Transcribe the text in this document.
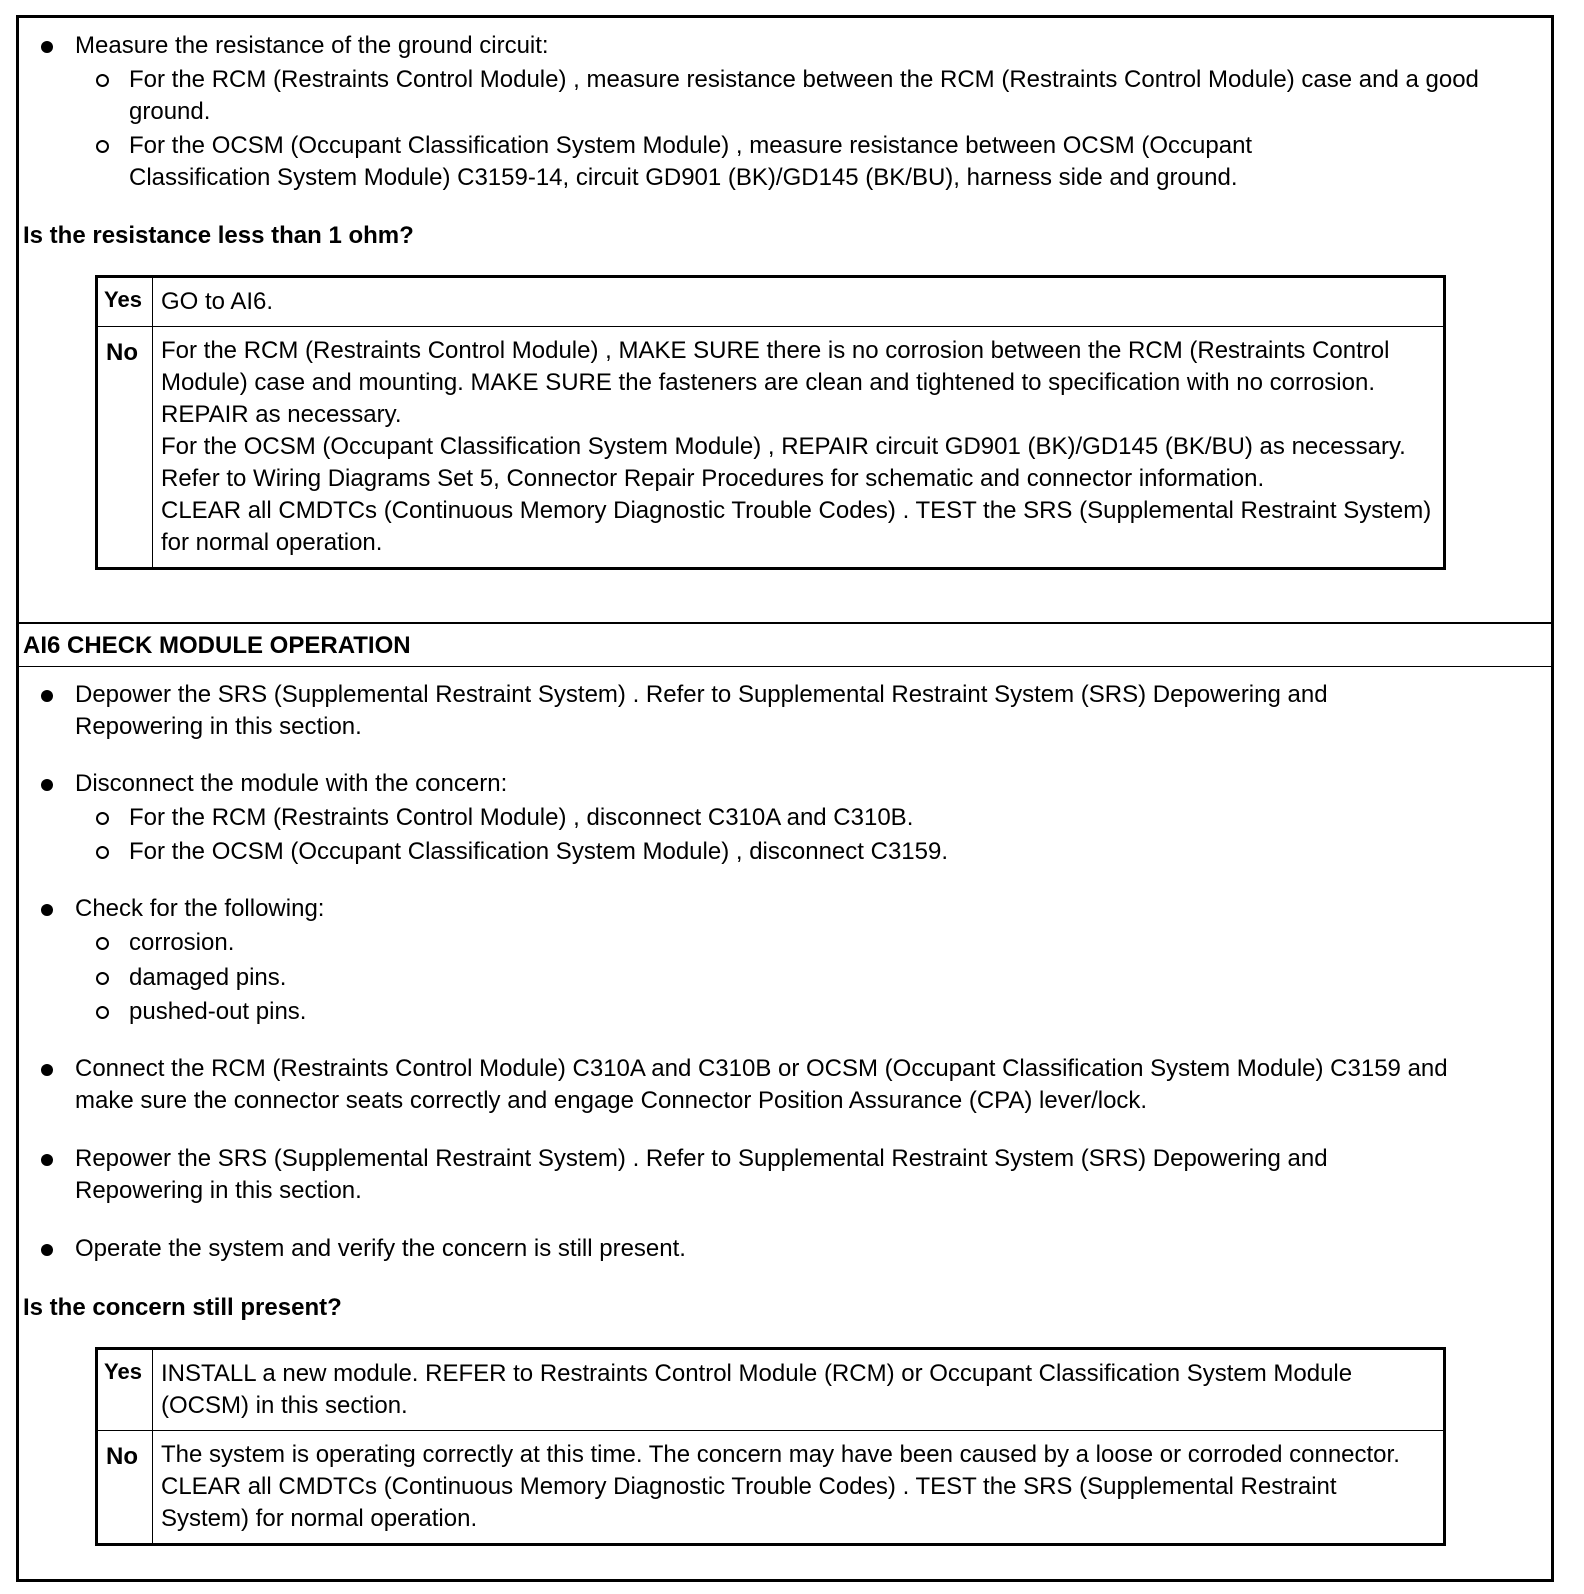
Measure the resistance of the ground circuit:
For the RCM (Restraints Control Module) , measure resistance between the RCM (Restraints Control Module) case and a good ground.
For the OCSM (Occupant Classification System Module) , measure resistance between OCSM (Occupant Classification System Module) C3159-14, circuit GD901 (BK)/GD145 (BK/BU), harness side and ground.
Is the resistance less than 1 ohm?
Yes	GO to AI6.
No	For the RCM (Restraints Control Module) , MAKE SURE there is no corrosion between the RCM (Restraints Control Module) case and mounting. MAKE SURE the fasteners are clean and tightened to specification with no corrosion. REPAIR as necessary.
For the OCSM (Occupant Classification System Module) , REPAIR circuit GD901 (BK)/GD145 (BK/BU) as necessary.
Refer to Wiring Diagrams Set 5, Connector Repair Procedures for schematic and connector information.
CLEAR all CMDTCs (Continuous Memory Diagnostic Trouble Codes) . TEST the SRS (Supplemental Restraint System) for normal operation.
AI6 CHECK MODULE OPERATION
Depower the SRS (Supplemental Restraint System) . Refer to Supplemental Restraint System (SRS) Depowering and Repowering in this section.
Disconnect the module with the concern:
For the RCM (Restraints Control Module) , disconnect C310A and C310B.
For the OCSM (Occupant Classification System Module) , disconnect C3159.
Check for the following:
corrosion.
damaged pins.
pushed-out pins.
Connect the RCM (Restraints Control Module) C310A and C310B or OCSM (Occupant Classification System Module) C3159 and make sure the connector seats correctly and engage Connector Position Assurance (CPA) lever/lock.
Repower the SRS (Supplemental Restraint System) . Refer to Supplemental Restraint System (SRS) Depowering and Repowering in this section.
Operate the system and verify the concern is still present.
Is the concern still present?
Yes	INSTALL a new module. REFER to Restraints Control Module (RCM) or Occupant Classification System Module (OCSM) in this section.
No	The system is operating correctly at this time. The concern may have been caused by a loose or corroded connector. CLEAR all CMDTCs (Continuous Memory Diagnostic Trouble Codes) . TEST the SRS (Supplemental Restraint System) for normal operation.
